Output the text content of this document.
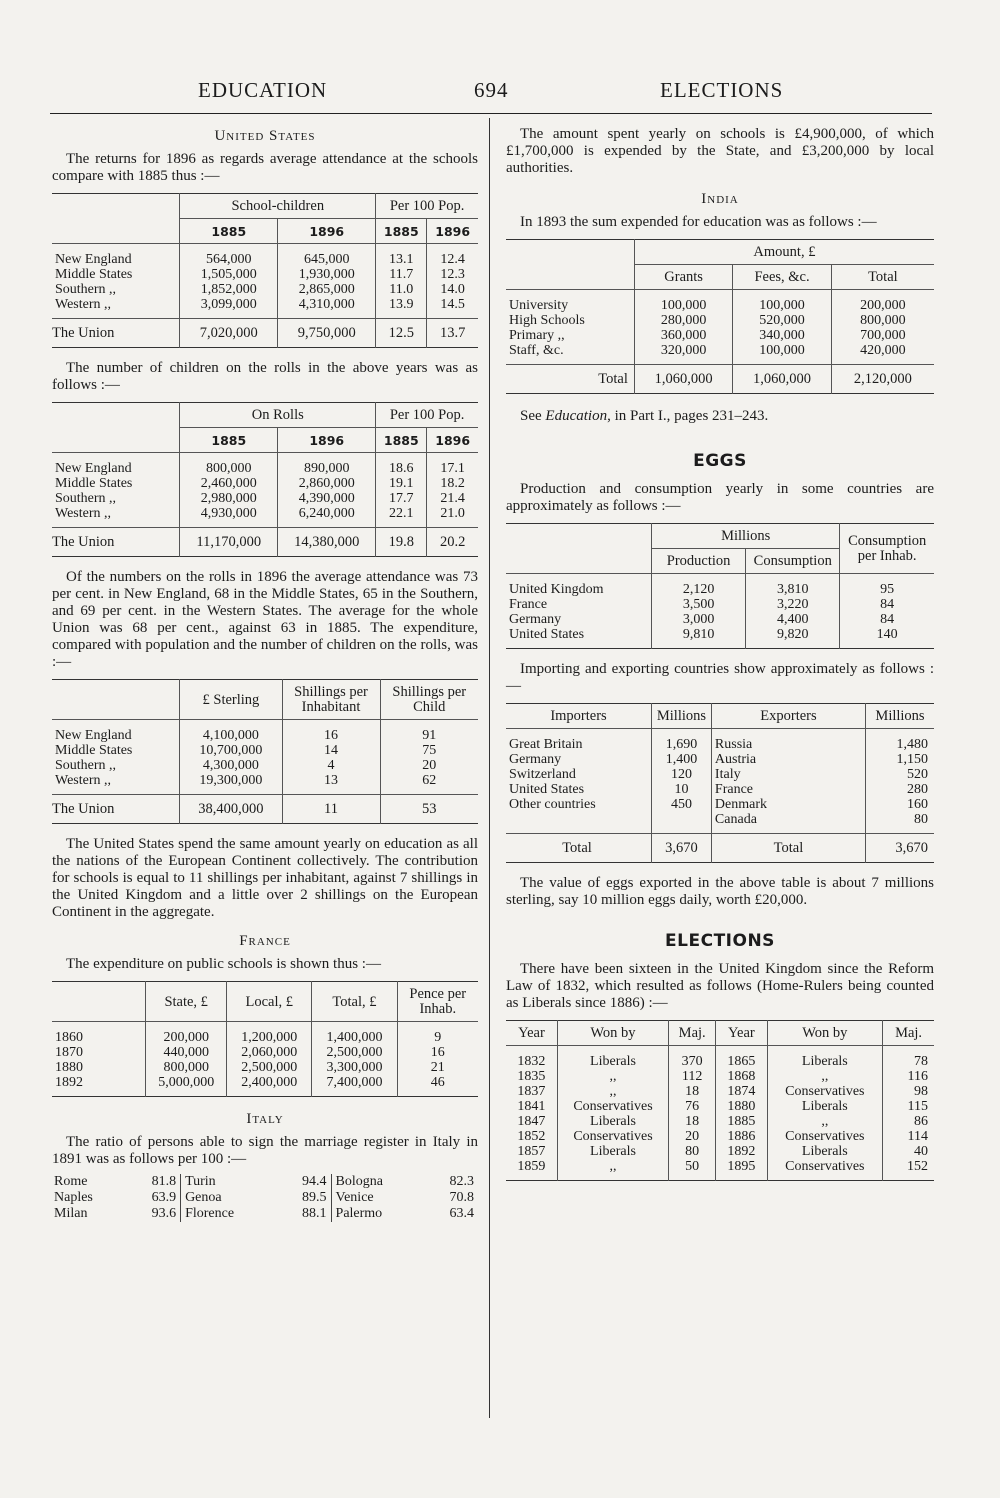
EDUCATION	694	ELECTIONS
United States

The returns for 1896 as regards average attendance at the schools compare with 1885 thus :—

	School-children		Per 100 Pop.	
	1885	1896	1885	1896
New England	564,000	645,000	13.1	12.4
Middle States	1,505,000	1,930,000	11.7	12.3
Southern ,,	1,852,000	2,865,000	11.0	14.0
Western ,,	3,099,000	4,310,000	13.9	14.5
The Union	7,020,000	9,750,000	12.5	13.7

The number of children on the rolls in the above years was as follows :—

	On Rolls		Per 100 Pop.	
	1885	1896	1885	1896
New England	800,000	890,000	18.6	17.1
Middle States	2,460,000	2,860,000	19.1	18.2
Southern ,,	2,980,000	4,390,000	17.7	21.4
Western ,,	4,930,000	6,240,000	22.1	21.0
The Union	11,170,000	14,380,000	19.8	20.2

Of the numbers on the rolls in 1896 the average attendance was 73 per cent. in New England, 68 in the Middle States, 65 in the Southern, and 69 per cent. in the Western States. The average for the whole Union was 68 per cent., against 63 in 1885. The expenditure, compared with population and the number of children on the rolls, was :—

	£ Sterling	Shillings per Inhabitant	Shillings per Child
New England	4,100,000	16	91
Middle States	10,700,000	14	75
Southern ,,	4,300,000	4	20
Western ,,	19,300,000	13	62
The Union	38,400,000	11	53

The United States spend the same amount yearly on education as all the nations of the European Continent collectively. The contribution for schools is equal to 11 shillings per inhabitant, against 7 shillings in the United Kingdom and a little over 2 shillings on the European Continent in the aggregate.

France

The expenditure on public schools is shown thus :—

	State, £	Local, £	Total, £	Pence per Inhab.
1860	200,000	1,200,000	1,400,000	9
1870	440,000	2,060,000	2,500,000	16
1880	800,000	2,500,000	3,300,000	21
1892	5,000,000	2,400,000	7,400,000	46
Italy

The ratio of persons able to sign the marriage register in Italy in 1891 was as follows per 100 :—

Rome	81.8	Turin	94.4	Bologna	82.3
Naples	63.9	Genoa	89.5	Venice	70.8
Milan	93.6	Florence	88.1	Palermo	63.4

The amount spent yearly on schools is £4,900,000, of which £1,700,000 is expended by the State, and £3,200,000 by local authorities.

India

In 1893 the sum expended for education was as follows :—

	Amount, £		
	Grants	Fees, &c.	Total
University	100,000	100,000	200,000
High Schools	280,000	520,000	800,000
Primary ,,	360,000	340,000	700,000
Staff, &c.	320,000	100,000	420,000
Total	1,060,000	1,060,000	2,120,000

See Education, in Part I., pages 231–243.

EGGS

Production and consumption yearly in some countries are approximately as follows :—

	Millions		Consumption per Inhab.
	Production	Consumption	
United Kingdom	2,120	3,810	95
France	3,500	3,220	84
Germany	3,000	4,400	84
United States	9,810	9,820	140

Importing and exporting countries show approximately as follows :—

Importers	Millions	Exporters	Millions
Great Britain	1,690	Russia	1,480
Germany	1,400	Austria	1,150
Switzerland	120	Italy	520
United States	10	France	280
Other countries	450	Denmark	160
		Canada	80
Total	3,670	Total	3,670

The value of eggs exported in the above table is about 7 millions sterling, say 10 million eggs daily, worth £20,000.

ELECTIONS

There have been sixteen in the United Kingdom since the Reform Law of 1832, which resulted as follows (Home-Rulers being counted as Liberals since 1886) :—

Year	Won by	Maj.	Year	Won by	Maj.
1832	Liberals	370	1865	Liberals	78
1835	,,	112	1868	,,	116
1837	,,	18	1874	Conservatives	98
1841	Conservatives	76	1880	Liberals	115
1847	Liberals	18	1885	,,	86
1852	Conservatives	20	1886	Conservatives	114
1857	Liberals	80	1892	Liberals	40
1859	,,	50	1895	Conservatives	152
